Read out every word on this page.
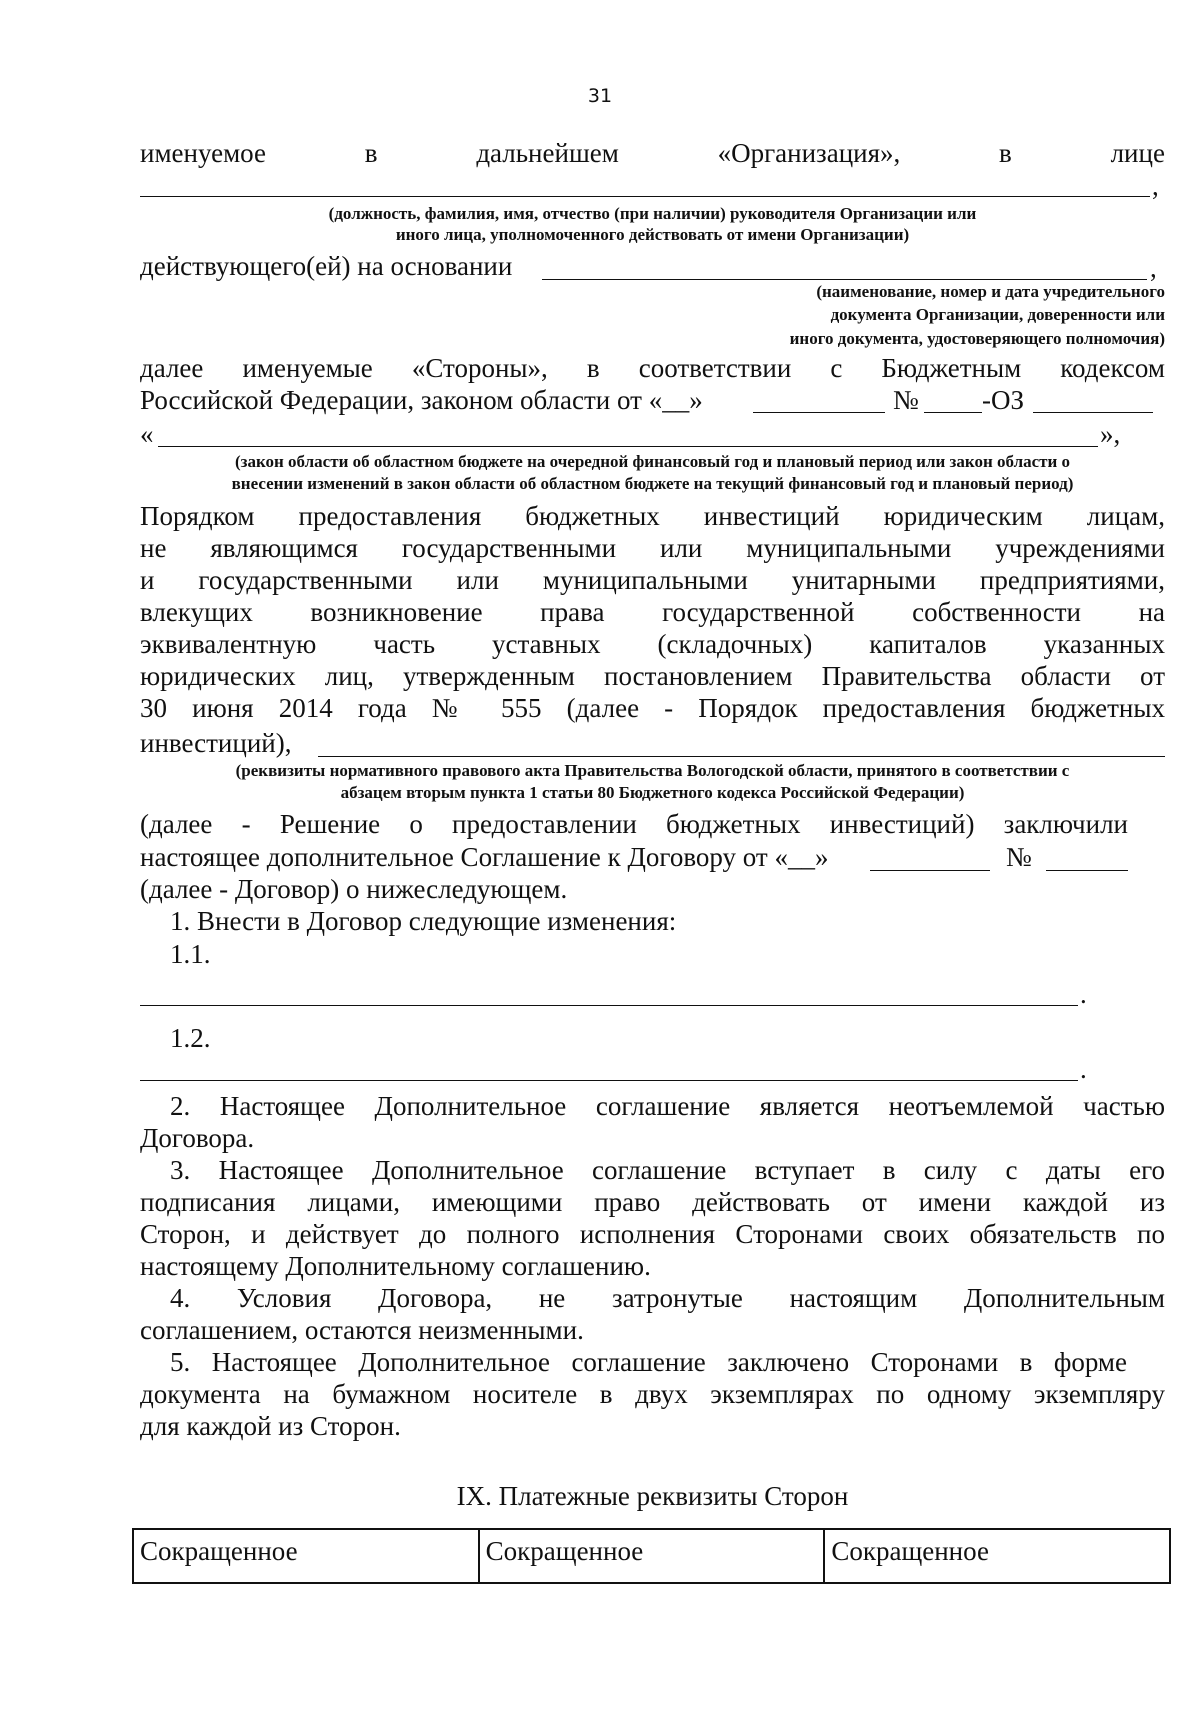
31
именуемое	в	дальнейшем	«Организация»,	в	лице
,
(должность, фамилия, имя, отчество (при наличии) руководителя Организации или
иного лица, уполномоченного действовать от имени Организации)
действующего(ей) на основании	,
(наименование, номер и дата учредительного
документа Организации, доверенности или
иного документа, удостоверяющего полномочия)
далее именуемые «Стороны», в соответствии с Бюджетным кодексом
Российской Федерации, законом области от «__»	№ -ОЗ
«	»,
(закон области об областном бюджете на очередной финансовый год и плановый период или закон области о
внесении изменений в закон области об областном бюджете на текущий финансовый год и плановый период)
Порядком предоставления бюджетных инвестиций юридическим лицам,
не являющимся государственными или муниципальными учреждениями
и государственными или муниципальными унитарными предприятиями,
влекущих возникновение права государственной собственности на
эквивалентную часть уставных (складочных) капиталов указанных
юридических лиц, утвержденным постановлением Правительства области от
30 июня 2014 года № 555 (далее - Порядок предоставления бюджетных
инвестиций),
(реквизиты нормативного правового акта Правительства Вологодской области, принятого в соответствии с
абзацем вторым пункта 1 статьи 80 Бюджетного кодекса Российской Федерации)
(далее - Решение о предоставлении бюджетных инвестиций) заключили
настоящее дополнительное Соглашение к Договору от «__»	№
(далее - Договор) о нижеследующем.
1. Внести в Договор следующие изменения:
1.1.
.
1.2.
.
2. Настоящее Дополнительное соглашение является неотъемлемой частью
Договора.
3. Настоящее Дополнительное соглашение вступает в силу с даты его
подписания лицами, имеющими право действовать от имени каждой из
Сторон, и действует до полного исполнения Сторонами своих обязательств по
настоящему Дополнительному соглашению.
4. Условия Договора, не затронутые настоящим Дополнительным
соглашением, остаются неизменными.
5. Настоящее Дополнительное соглашение заключено Сторонами в форме
документа на бумажном носителе в двух экземплярах по одному экземпляру
для каждой из Сторон.
IX. Платежные реквизиты Сторон
Сокращенное	Сокращенное	Сокращенное
